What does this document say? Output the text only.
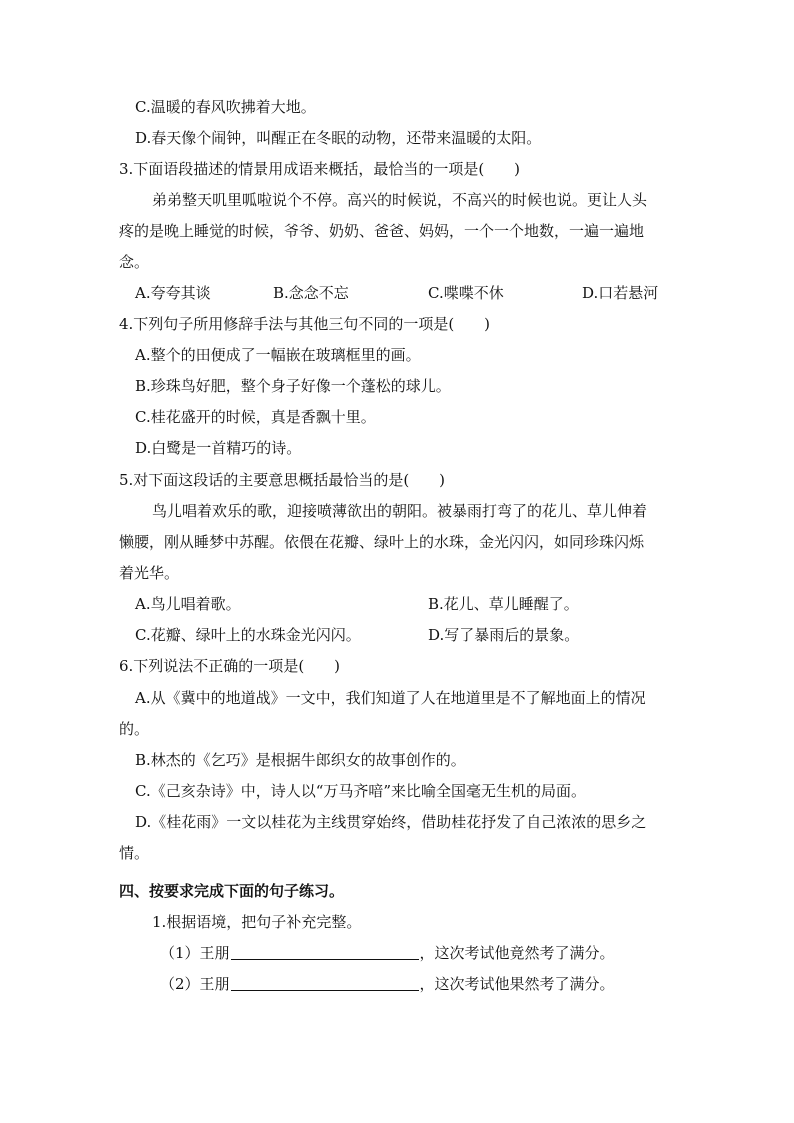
C.温暖的春风吹拂着大地。
D.春天像个闹钟，叫醒正在冬眠的动物，还带来温暖的太阳。
3.下面语段描述的情景用成语来概括，最恰当的一项是(　　)
弟弟整天叽里呱啦说个不停。高兴的时候说，不高兴的时候也说。更让人头
疼的是晚上睡觉的时候，爷爷、奶奶、爸爸、妈妈，一个一个地数，一遍一遍地
念。
A.夸夸其谈	B.念念不忘	C.喋喋不休	D.口若悬河
4.下列句子所用修辞手法与其他三句不同的一项是(　　)
A.整个的田便成了一幅嵌在玻璃框里的画。
B.珍珠鸟好肥，整个身子好像一个蓬松的球儿。
C.桂花盛开的时候，真是香飘十里。
D.白鹭是一首精巧的诗。
5.对下面这段话的主要意思概括最恰当的是(　　)
鸟儿唱着欢乐的歌，迎接喷薄欲出的朝阳。被暴雨打弯了的花儿、草儿伸着
懒腰，刚从睡梦中苏醒。依偎在花瓣、绿叶上的水珠，金光闪闪，如同珍珠闪烁
着光华。
A.鸟儿唱着歌。	B.花儿、草儿睡醒了。
C.花瓣、绿叶上的水珠金光闪闪。	D.写了暴雨后的景象。
6.下列说法不正确的一项是(　　)
A.从《冀中的地道战》一文中，我们知道了人在地道里是不了解地面上的情况
的。
B.林杰的《乞巧》是根据牛郎织女的故事创作的。
C.《己亥杂诗》中，诗人以“万马齐喑”来比喻全国毫无生机的局面。
D.《桂花雨》一文以桂花为主线贯穿始终，借助桂花抒发了自己浓浓的思乡之
情。
四、按要求完成下面的句子练习。
1.根据语境，把句子补充完整。
（1）王朋	，这次考试他竟然考了满分。
（2）王朋	，这次考试他果然考了满分。
